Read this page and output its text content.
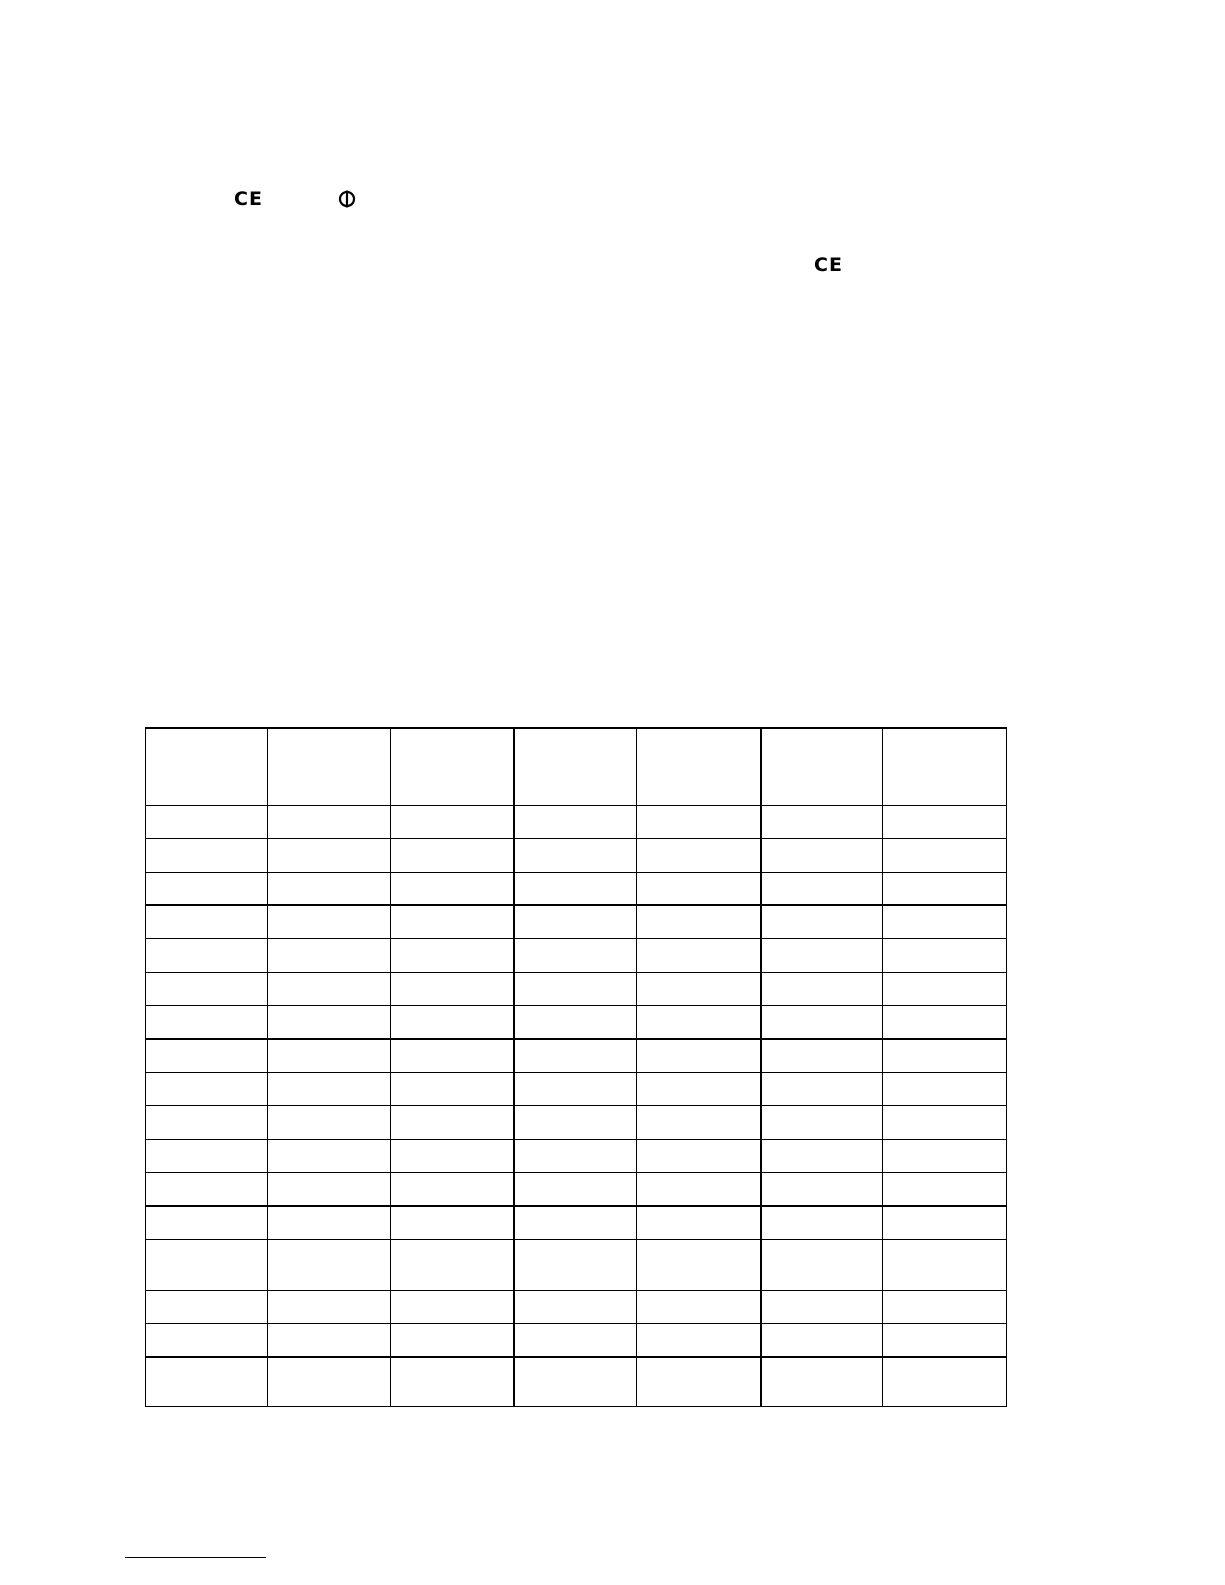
CE
CE
